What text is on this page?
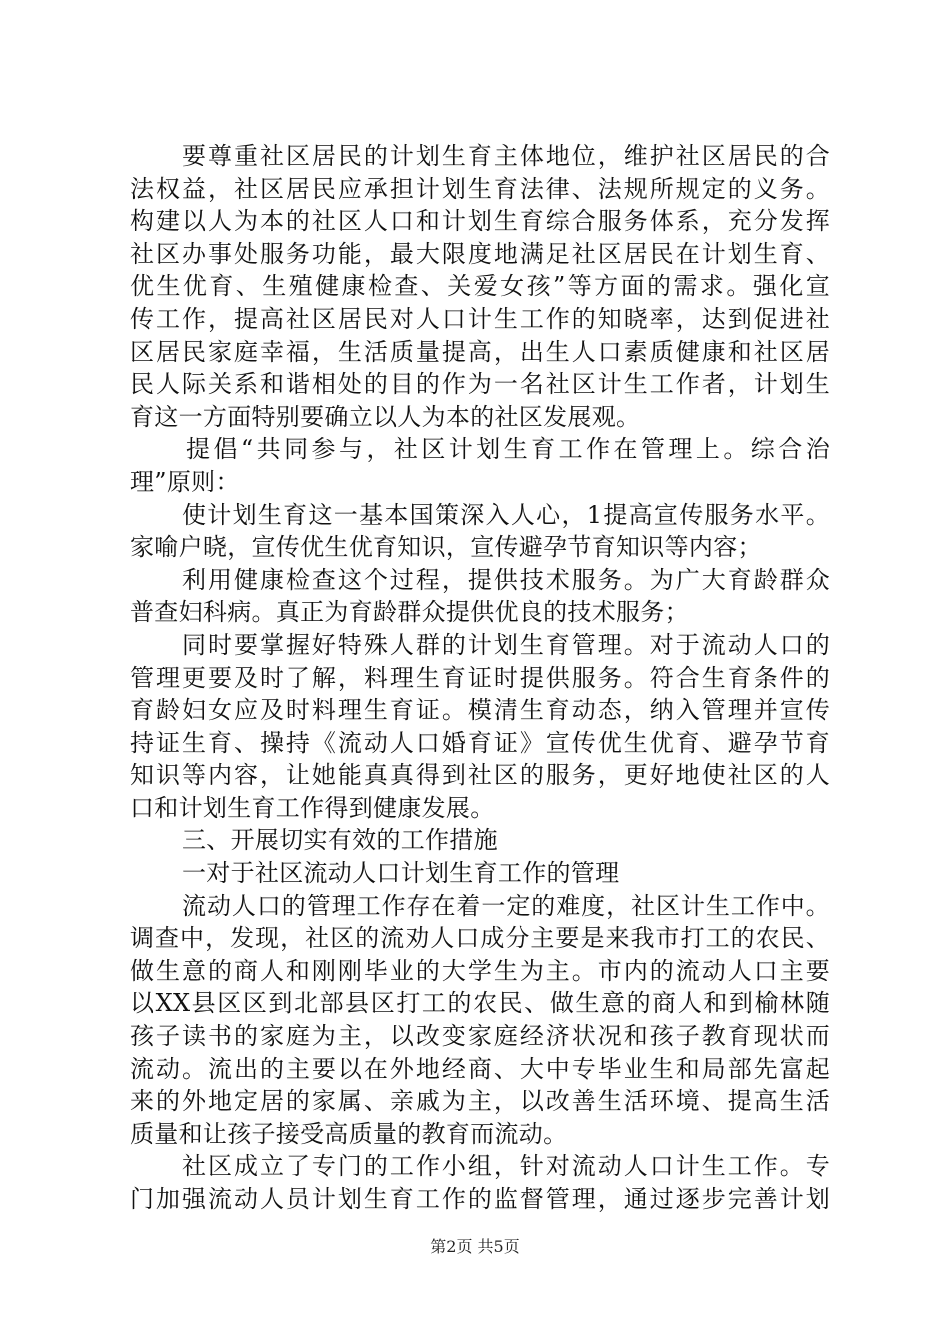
要尊重社区居民的计划生育主体地位，维护社区居民的合
法权益，社区居民应承担计划生育法律、法规所规定的义务。
构建以人为本的社区人口和计划生育综合服务体系，充分发挥
社区办事处服务功能，最大限度地满足社区居民在计划生育、
优生优育、生殖健康检查、关爱女孩”等方面的需求。强化宣
传工作，提高社区居民对人口计生工作的知晓率，达到促进社
区居民家庭幸福，生活质量提高，出生人口素质健康和社区居
民人际关系和谐相处的目的作为一名社区计生工作者，计划生
育这一方面特别要确立以人为本的社区发展观。
提倡“共同参与，社区计划生育工作在管理上。综合治
理”原则：
使计划生育这一基本国策深入人心，1提高宣传服务水平。
家喻户晓，宣传优生优育知识，宣传避孕节育知识等内容；
利用健康检查这个过程，提供技术服务。为广大育龄群众
普查妇科病。真正为育龄群众提供优良的技术服务；
同时要掌握好特殊人群的计划生育管理。对于流动人口的
管理更要及时了解，料理生育证时提供服务。符合生育条件的
育龄妇女应及时料理生育证。模清生育动态，纳入管理并宣传
持证生育、操持《流动人口婚育证》宣传优生优育、避孕节育
知识等内容，让她能真真得到社区的服务，更好地使社区的人
口和计划生育工作得到健康发展。
三、开展切实有效的工作措施
一对于社区流动人口计划生育工作的管理
流动人口的管理工作存在着一定的难度，社区计生工作中。
调查中，发现，社区的流劝人口成分主要是来我市打工的农民、
做生意的商人和刚刚毕业的大学生为主。市内的流动人口主要
以XX县区区到北部县区打工的农民、做生意的商人和到榆林随
孩子读书的家庭为主，以改变家庭经济状况和孩子教育现状而
流动。流出的主要以在外地经商、大中专毕业生和局部先富起
来的外地定居的家属、亲戚为主，以改善生活环境、提高生活
质量和让孩子接受高质量的教育而流动。
社区成立了专门的工作小组，针对流动人口计生工作。专
门加强流动人员计划生育工作的监督管理，通过逐步完善计划
第2页 共5页
